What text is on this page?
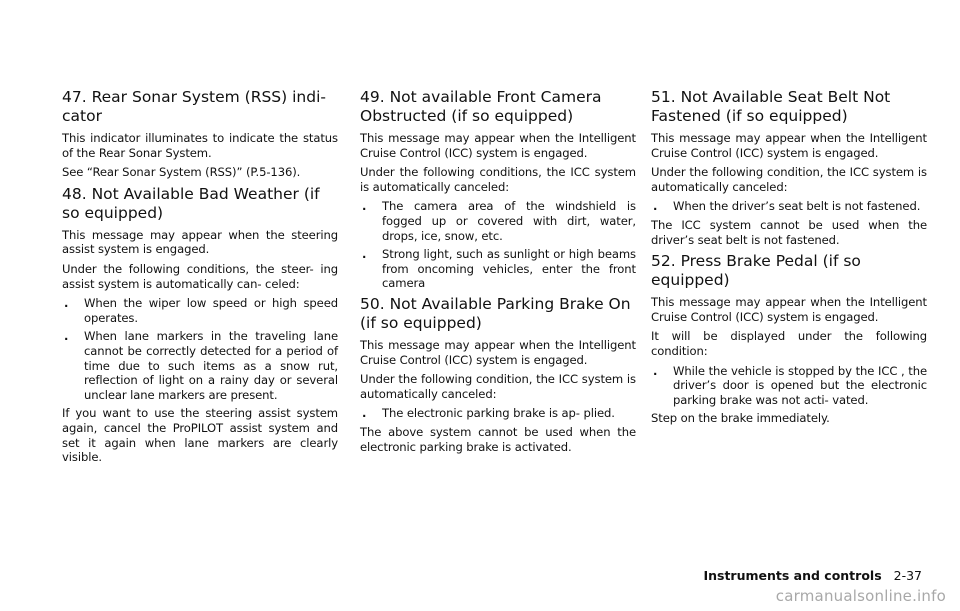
47. Rear Sonar System (RSS) indi- cator

This indicator illuminates to indicate the status of the Rear Sonar System.

See “Rear Sonar System (RSS)” (P.5-136).

48. Not Available Bad Weather (if so equipped)

This message may appear when the steering assist system is engaged.

Under the following conditions, the steer- ing assist system is automatically can- celed:

. When the wiper low speed or high speed operates.
. When lane markers in the traveling lane cannot be correctly detected for a period of time due to such items as a snow rut, reflection of light on a rainy day or several unclear lane markers are present.

If you want to use the steering assist system again, cancel the ProPILOT assist system and set it again when lane markers are clearly visible.

49. Not available Front Camera Obstructed (if so equipped)

This message may appear when the Intelligent Cruise Control (ICC) system is engaged.

Under the following conditions, the ICC system is automatically canceled:

. The camera area of the windshield is fogged up or covered with dirt, water, drops, ice, snow, etc.
. Strong light, such as sunlight or high beams from oncoming vehicles, enter the front camera
50. Not Available Parking Brake On (if so equipped)

This message may appear when the Intelligent Cruise Control (ICC) system is engaged.

Under the following condition, the ICC system is automatically canceled:

. The electronic parking brake is ap- plied.

The above system cannot be used when the electronic parking brake is activated.

51. Not Available Seat Belt Not Fastened (if so equipped)

This message may appear when the Intelligent Cruise Control (ICC) system is engaged.

Under the following condition, the ICC system is automatically canceled:

. When the driver’s seat belt is not fastened.

The ICC system cannot be used when the driver’s seat belt is not fastened.

52. Press Brake Pedal (if so equipped)

This message may appear when the Intelligent Cruise Control (ICC) system is engaged.

It will be displayed under the following condition:

. While the vehicle is stopped by the ICC , the driver’s door is opened but the electronic parking brake was not acti- vated.

Step on the brake immediately.

Instruments and controls 2-37
carmanualsonline.info
